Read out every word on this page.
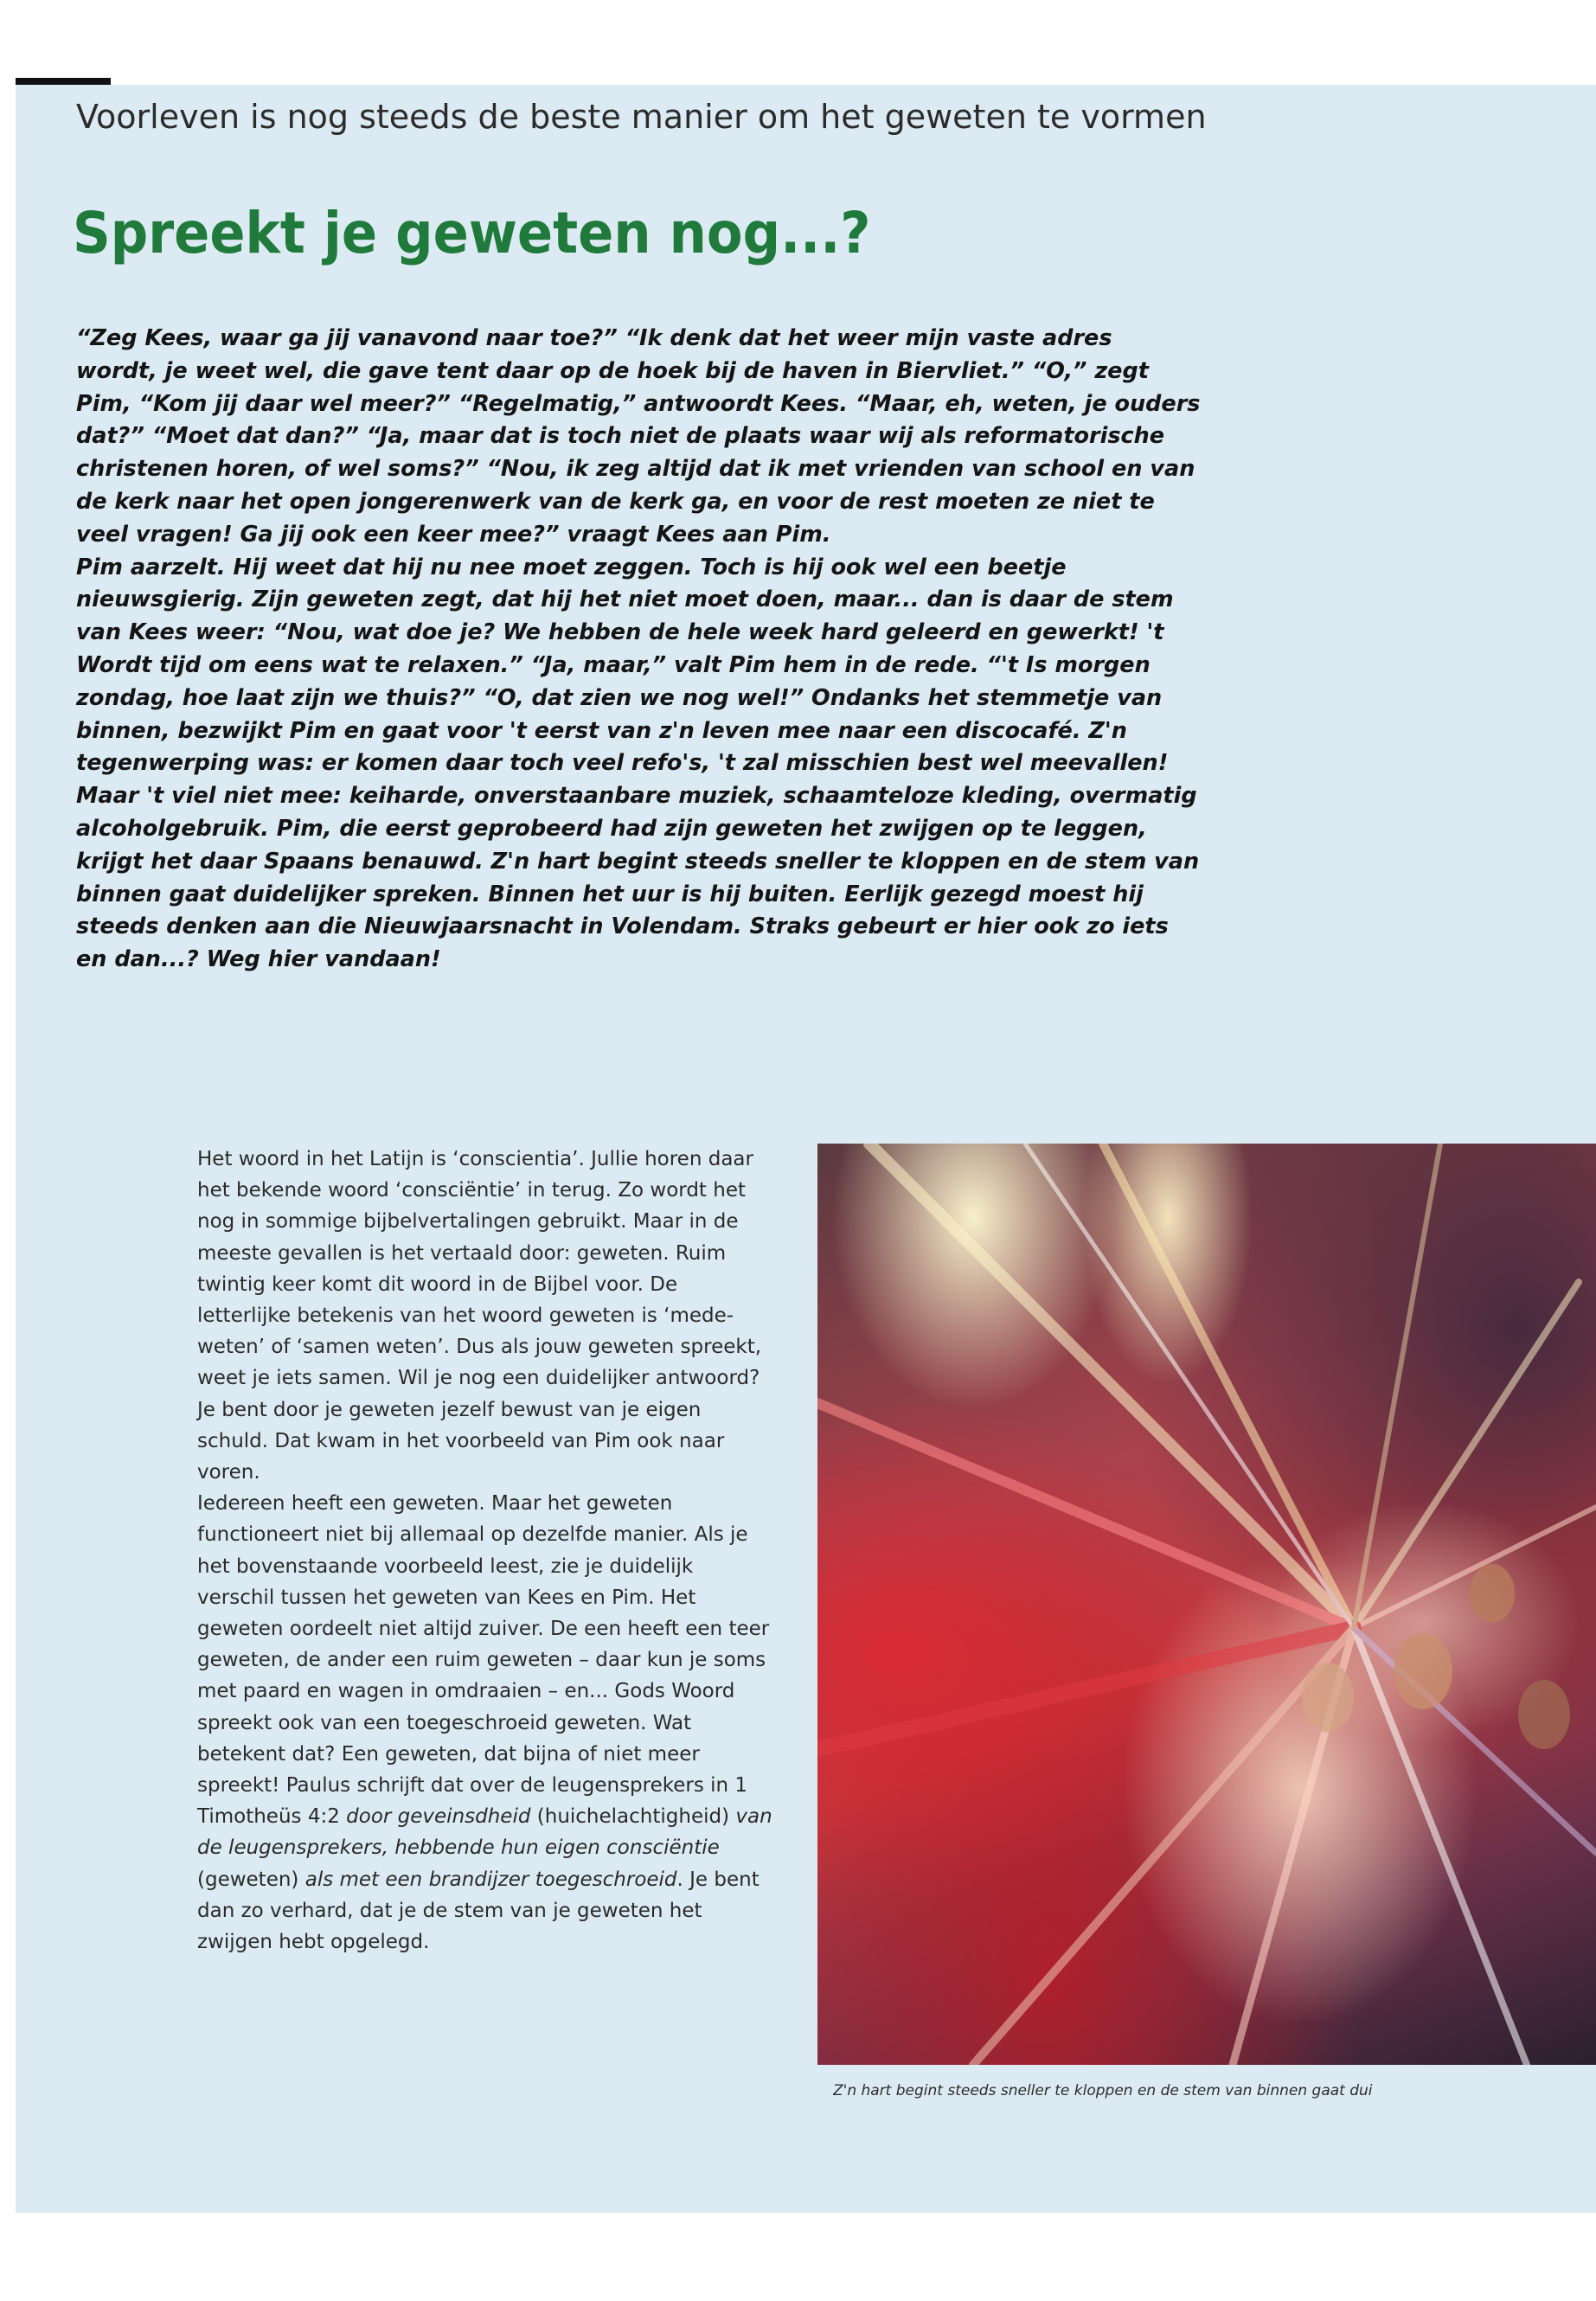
Voorleven is nog steeds de beste manier om het geweten te vormen
Spreekt je geweten nog...?

“Zeg Kees, waar ga jij vanavond naar toe?” “Ik denk dat het weer mijn vaste adres wordt, je weet wel, die gave tent daar op de hoek bij de haven in Biervliet.” “O,” zegt Pim, “Kom jij daar wel meer?” “Regelmatig,” antwoordt Kees. “Maar, eh, weten, je ouders dat?” “Moet dat dan?” “Ja, maar dat is toch niet de plaats waar wij als reformatorische christenen horen, of wel soms?” “Nou, ik zeg altijd dat ik met vrienden van school en van de kerk naar het open jongerenwerk van de kerk ga, en voor de rest moeten ze niet te veel vragen! Ga jij ook een keer mee?” vraagt Kees aan Pim.

Pim aarzelt. Hij weet dat hij nu nee moet zeggen. Toch is hij ook wel een beetje nieuwsgierig. Zijn geweten zegt, dat hij het niet moet doen, maar... dan is daar de stem van Kees weer: “Nou, wat doe je? We hebben de hele week hard geleerd en gewerkt! 't Wordt tijd om eens wat te relaxen.” “Ja, maar,” valt Pim hem in de rede. “'t Is morgen zondag, hoe laat zijn we thuis?” “O, dat zien we nog wel!” Ondanks het stemmetje van binnen, bezwijkt Pim en gaat voor 't eerst van z'n leven mee naar een discocafé. Z'n tegenwerping was: er komen daar toch veel refo's, 't zal misschien best wel meevallen! Maar 't viel niet mee: keiharde, onverstaanbare muziek, schaamteloze kleding, overmatig alcoholgebruik. Pim, die eerst geprobeerd had zijn geweten het zwijgen op te leggen, krijgt het daar Spaans benauwd. Z'n hart begint steeds sneller te kloppen en de stem van binnen gaat duidelijker spreken. Binnen het uur is hij buiten. Eerlijk gezegd moest hij steeds denken aan die Nieuwjaarsnacht in Volendam. Straks gebeurt er hier ook zo iets en dan...? Weg hier vandaan!

Het woord in het Latijn is ‘conscientia’. Jullie horen daar het bekende woord ‘consciëntie’ in terug. Zo wordt het nog in sommige bijbelvertalingen gebruikt. Maar in de meeste gevallen is het vertaald door: geweten. Ruim twintig keer komt dit woord in de Bijbel voor. De letterlijke betekenis van het woord geweten is ‘mede-weten’ of ‘samen weten’. Dus als jouw geweten spreekt, weet je iets samen. Wil je nog een duidelijker antwoord? Je bent door je geweten jezelf bewust van je eigen schuld. Dat kwam in het voorbeeld van Pim ook naar voren.

Iedereen heeft een geweten. Maar het geweten functioneert niet bij allemaal op dezelfde manier. Als je het bovenstaande voorbeeld leest, zie je duidelijk verschil tussen het geweten van Kees en Pim. Het geweten oordeelt niet altijd zuiver. De een heeft een teer geweten, de ander een ruim geweten – daar kun je soms met paard en wagen in omdraaien – en... Gods Woord spreekt ook van een toegeschroeid geweten. Wat betekent dat? Een geweten, dat bijna of niet meer spreekt! Paulus schrijft dat over de leugensprekers in 1 Timotheüs 4:2 door geveinsdheid (huichelachtigheid) van de leugensprekers, hebbende hun eigen consciëntie (geweten) als met een brandijzer toegeschroeid. Je bent dan zo verhard, dat je de stem van je geweten het zwijgen hebt opgelegd.

Z'n hart begint steeds sneller te kloppen en de stem van binnen gaat dui
